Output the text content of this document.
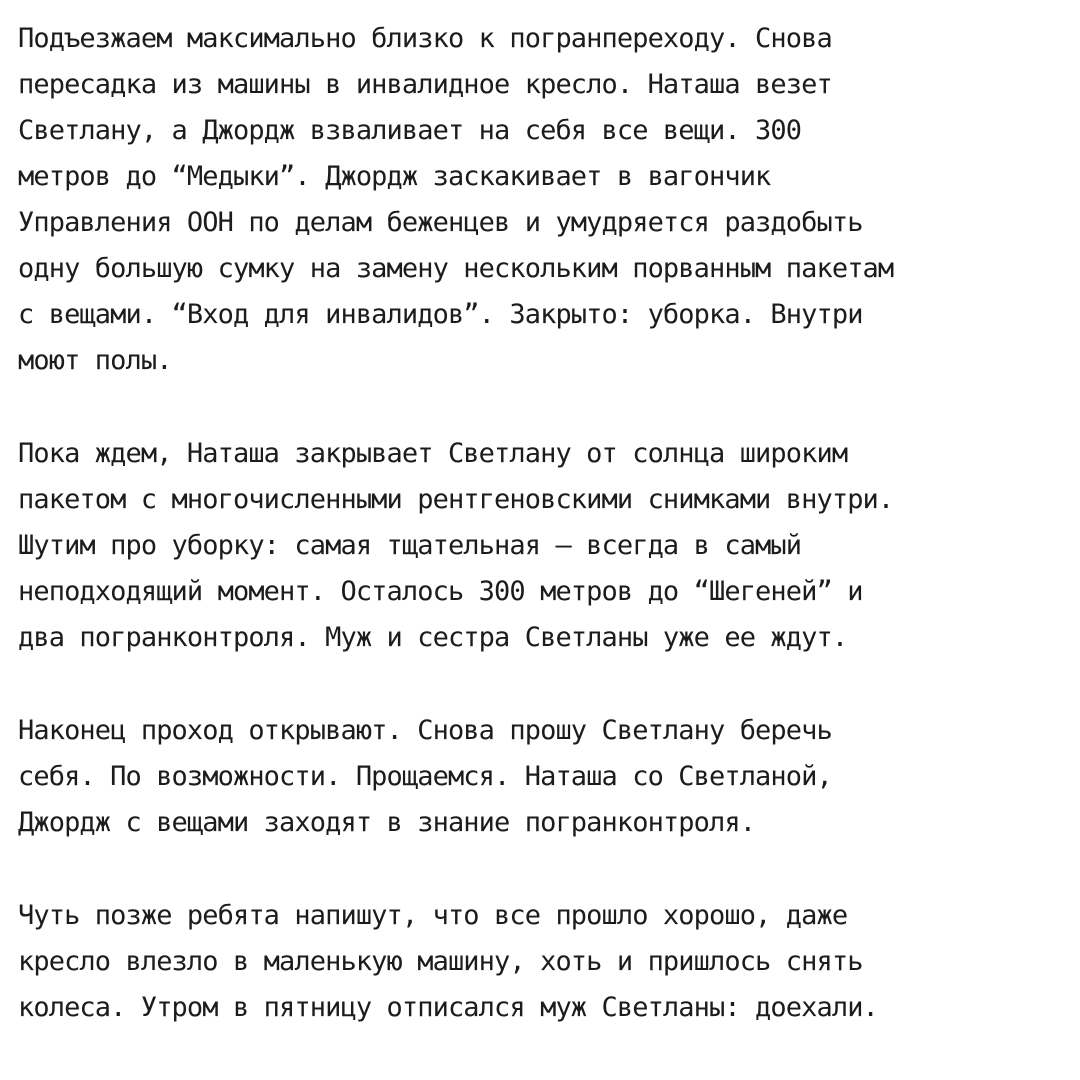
Подъезжаем максимально близко к погранпереходу. Снова
пересадка из машины в инвалидное кресло. Наташа везет
Светлану, а Джордж взваливает на себя все вещи. 300
метров до “Медыки”. Джордж заскакивает в вагончик
Управления ООН по делам беженцев и умудряется раздобыть
одну большую сумку на замену нескольким порванным пакетам
с вещами. “Вход для инвалидов”. Закрыто: уборка. Внутри
моют полы.
Пока ждем, Наташа закрывает Светлану от солнца широким
пакетом с многочисленными рентгеновскими снимками внутри.
Шутим про уборку: самая тщательная — всегда в самый
неподходящий момент. Осталось 300 метров до “Шегеней” и
два погранконтроля. Муж и сестра Светланы уже ее ждут.
Наконец проход открывают. Снова прошу Светлану беречь
себя. По возможности. Прощаемся. Наташа со Светланой,
Джордж с вещами заходят в знание погранконтроля.
Чуть позже ребята напишут, что все прошло хорошо, даже
кресло влезло в маленькую машину, хоть и пришлось снять
колеса. Утром в пятницу отписался муж Светланы: доехали.
